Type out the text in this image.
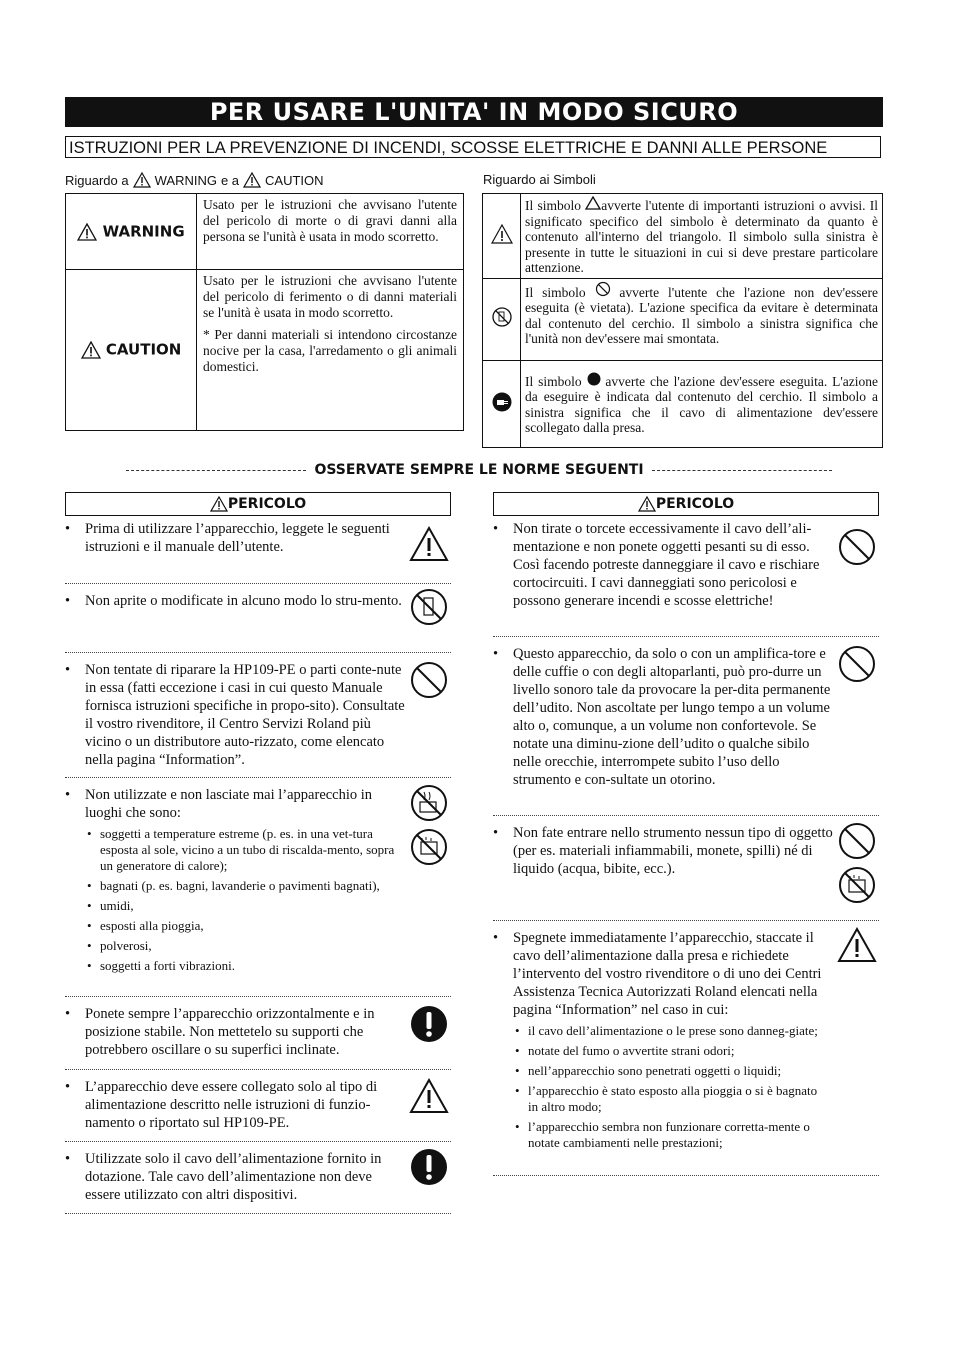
PER USARE L'UNITA' IN MODO SICURO
ISTRUZIONI PER LA PREVENZIONE DI INCENDI, SCOSSE ELETTRICHE E DANNI ALLE PERSONE
Riguardo a WARNING e a CAUTION	Riguardo ai Simboli
WARNING	Usato per le istruzioni che avvisano l'utente del pericolo di morte o di gravi danni alla persona se l'unità è usata in modo scorretto.
CAUTION	Usato per le istruzioni che avvisano l'utente del pericolo di ferimento o di danni materiali se l'unità è usata in modo scorretto.
* Per danni materiali si intendono circostanze nocive per la casa, l'arredamento o gli animali domestici.
	Il simbolo avverte l'utente di importanti istruzioni o avvisi. Il significato specifico del simbolo è determinato da quanto è contenuto all'interno del triangolo. Il simbolo sulla sinistra è presente in tutte le situazioni in cui si deve prestare particolare attenzione.
	Il simbolo avverte l'utente che l'azione non dev'essere eseguita (è vietata). L'azione specifica da evitare è determinata dal contenuto del cerchio. Il simbolo a sinistra significa che l'unità non dev'essere mai smontata.
	Il simbolo avverte che l'azione dev'essere eseguita. L'azione da eseguire è indicata dal contenuto del cerchio. Il simbolo a sinistra significa che il cavo di alimentazione dev'essere scollegato dalla presa.
OSSERVATE SEMPRE LE NORME SEGUENTI
PERICOLO
• Prima di utilizzare l’apparecchio, leggete le seguenti istruzioni e il manuale dell’utente.
• Non aprite o modificate in alcuno modo lo stru-mento.
• Non tentate di riparare la HP109-PE o parti conte-nute in essa (fatti eccezione i casi in cui questo Manuale fornisca istruzioni specifiche in propo-sito). Consultate il vostro rivenditore, il Centro Servizi Roland più vicino o un distributore auto-rizzato, come elencato nella pagina “Information”.
• Non utilizzate e non lasciate mai l’apparecchio in luoghi che sono:
• soggetti a temperature estreme (p. es. in una vet-tura esposta al sole, vicino a un tubo di riscalda-mento, sopra un generatore di calore);
• bagnati (p. es. bagni, lavanderie o pavimenti bagnati),
• umidi,
• esposti alla pioggia,
• polverosi,
• soggetti a forti vibrazioni.
• Ponete sempre l’apparecchio orizzontalmente e in posizione stabile. Non mettetelo su supporti che potrebbero oscillare o su superfici inclinate.
• L’apparecchio deve essere collegato solo al tipo di alimentazione descritto nelle istruzioni di funzio-namento o riportato sul HP109-PE.
• Utilizzate solo il cavo dell’alimentazione fornito in dotazione. Tale cavo dell’alimentazione non deve essere utilizzato con altri dispositivi.
PERICOLO
• Non tirate o torcete eccessivamente il cavo dell’ali-mentazione e non ponete oggetti pesanti su di esso. Così facendo potreste danneggiare il cavo e rischiare cortocircuiti. I cavi danneggiati sono pericolosi e possono generare incendi e scosse elettriche!
• Questo apparecchio, da solo o con un amplifica-tore e delle cuffie o con degli altoparlanti, può pro-durre un livello sonoro tale da provocare la per-dita permanente dell’udito. Non ascoltate per lungo tempo a un volume alto o, comunque, a un volume non confortevole. Se notate una diminu-zione dell’udito o qualche sibilo nelle orecchie, interrompete subito l’uso dello strumento e con-sultate un otorino.
• Non fate entrare nello strumento nessun tipo di oggetto (per es. materiali infiammabili, monete, spilli) né di liquido (acqua, bibite, ecc.).
• Spegnete immediatamente l’apparecchio, staccate il cavo dell’alimentazione dalla presa e richiedete l’intervento del vostro rivenditore o di uno dei Centri Assistenza Tecnica Autorizzati Roland elencati nella pagina “Information” nel caso in cui:
• il cavo dell’alimentazione o le prese sono danneg-giate;
• notate del fumo o avvertite strani odori;
• nell’apparecchio sono penetrati oggetti o liquidi;
• l’apparecchio è stato esposto alla pioggia o si è bagnato in altro modo;
• l’apparecchio sembra non funzionare corretta-mente o notate cambiamenti nelle prestazioni;
